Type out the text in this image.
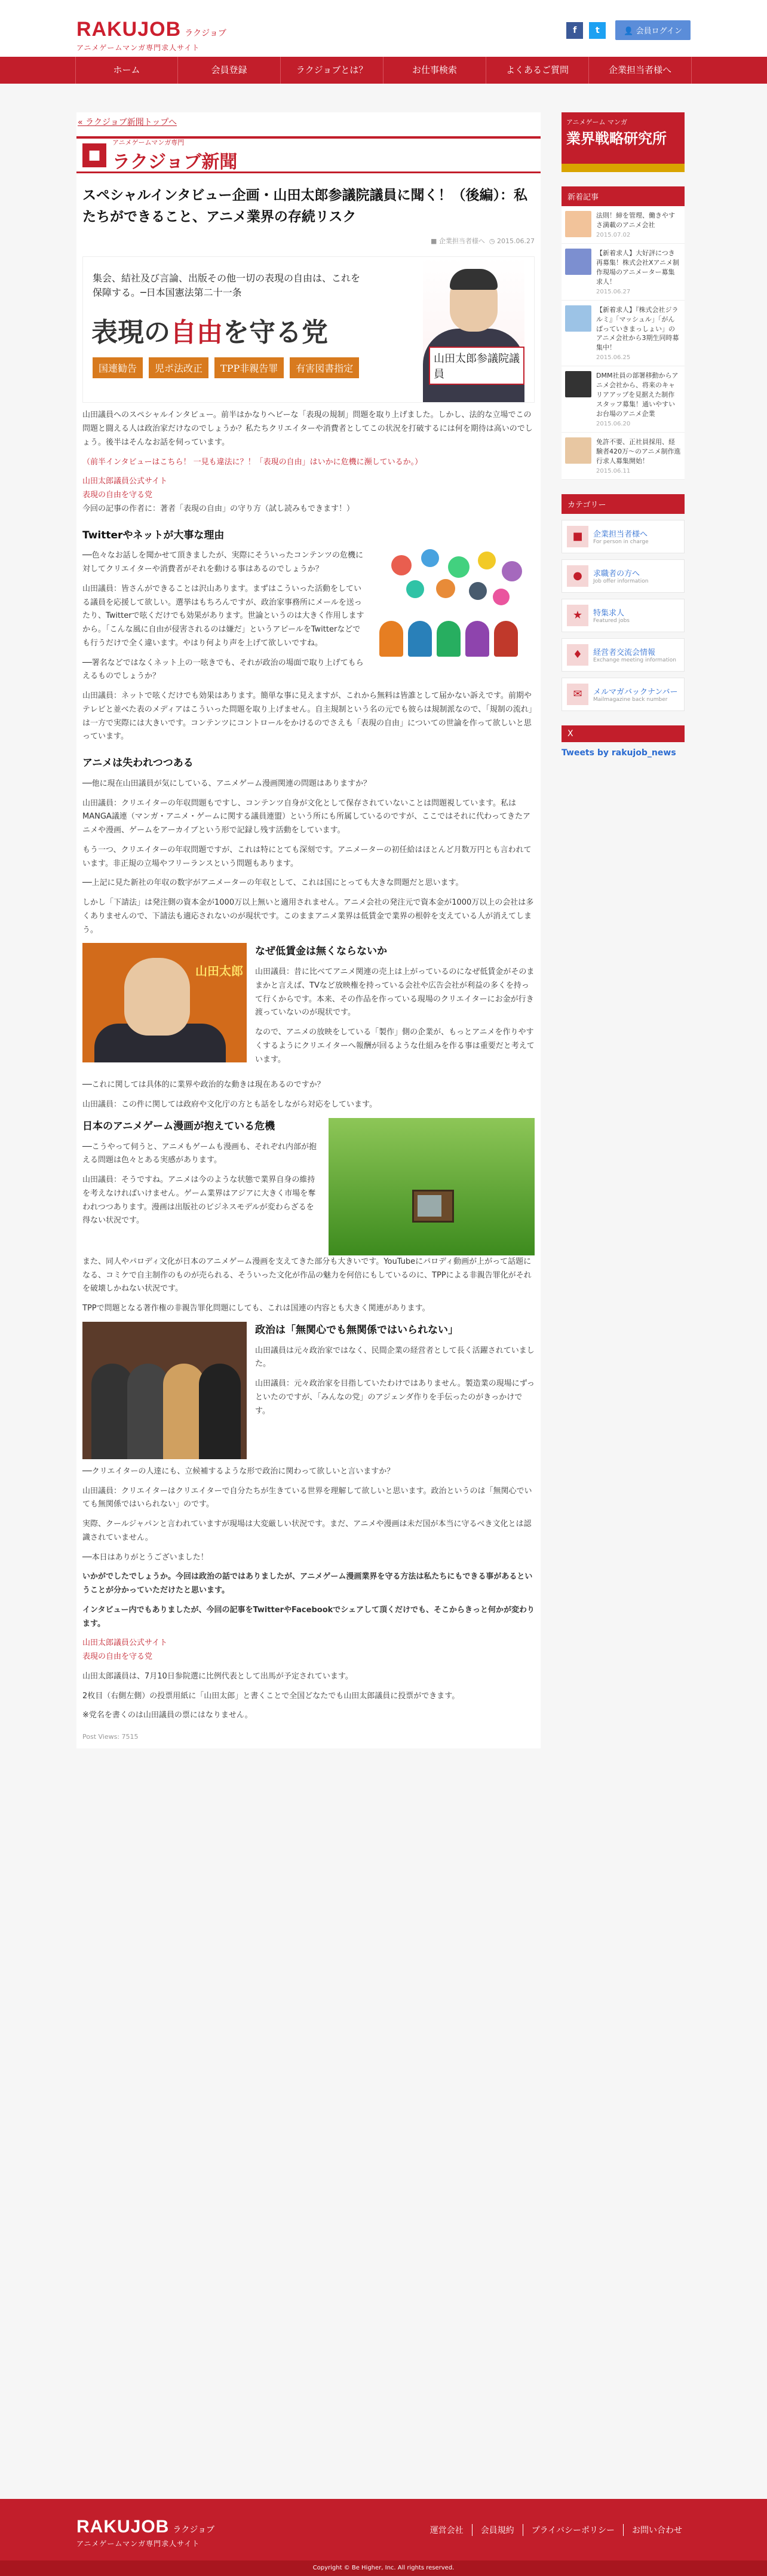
RAKUJOB ラクジョブ
アニメゲームマンガ専門求人サイト
f	t	👤 会員ログイン
ホーム	会員登録	ラクジョブとは？	お仕事検索	よくあるご質問	企業担当者様へ
« ラクジョブ新聞トップへ
■
アニメゲームマンガ専門
ラクジョブ新聞
スペシャルインタビュー企画・山田太郎参議院議員に聞く！（後編）：私たちができること、アニメ業界の存続リスク
■ 企業担当者様へ  ◷ 2015.06.27
集会、結社及び言論、出版その他一切の表現の自由は、これを保障する。─日本国憲法第二十一条
表現の自由を守る党
国連勧告	児ポ法改正	TPP非親告罪	有害図書指定
山田太郎参議院議員

山田議員へのスペシャルインタビュー。前半はかなりヘビーな「表現の規制」問題を取り上げました。しかし、法的な立場でこの問題と闘える人は政治家だけなのでしょうか？私たちクリエイターや消費者としてこの状況を打破するには何を期待は高いのでしょう。後半はそんなお話を伺っています。

（前半インタビューはこちら！ 一見も違法に？！「表現の自由」はいかに危機に瀕しているか。）

山田太郎議員公式サイト
表現の自由を守る党

今回の記事の作者に：著者「表現の自由」の守り方（試し読みもできます！）

Twitterやネットが大事な理由

──色々なお話しを聞かせて頂きましたが、実際にそういったコンテンツの危機に対してクリエイターや消費者がそれを動ける事はあるのでしょうか？

山田議員：皆さんができることは沢山あります。まずはこういった活動をしている議員を応援して欲しい。選挙はもちろんですが、政治家事務所にメールを送ったり、Twitterで呟くだけでも効果があります。世論というのは大きく作用しますから。「こんな風に自由が侵害されるのは嫌だ」というアピールをTwitterなどでも行うだけで全く違います。やはり何より声を上げて欲しいですね。

──署名などではなくネット上の一呟きでも、それが政治の場面で取り上げてもらえるものでしょうか？

山田議員：ネットで呟くだけでも効果はあります。簡単な事に見えますが、これから無料は皆誰として届かない訴えです。前期やテレビと並べた表のメディアはこういった問題を取り上げません。自主規制という名の元でも彼らは規制派なので、「規制の流れ」は一方で実際には大きいです。コンテンツにコントロールをかけるのでさえも「表現の自由」についての世論を作って欲しいと思っています。

アニメは失われつつある

──他に現在山田議員が気にしている、アニメゲーム漫画関連の問題はありますか？

山田議員：クリエイターの年収問題もですし、コンテンツ自身が文化として保存されていないことは問題視しています。私はMANGA議連（マンガ・アニメ・ゲームに関する議員連盟）という所にも所属しているのですが、ここではそれに代わってきたアニメや漫画、ゲームをアーカイブという形で記録し残す活動をしています。

もう一つ、クリエイターの年収問題ですが、これは特にとても深刻です。アニメーターの初任給はほとんど月数万円とも言われています。非正規の立場やフリーランスという問題もあります。

──上記に見た新社の年収の数字がアニメーターの年収として、これは国にとっても大きな問題だと思います。

しかし「下請法」は発注側の資本金が1000万以上無いと適用されません。アニメ会社の発注元で資本金が1000万以上の会社は多くありませんので、下請法も適応されないのが現状です。このままアニメ業界は低賃金で業界の根幹を支えている人が消えてしまう。

山田太郎
なぜ低賃金は無くならないか

山田議員：昔に比べてアニメ関連の売上は上がっているのになぜ低賃金がそのままかと言えば、TVなど放映権を持っている会社や広告会社が利益の多くを持って行くからです。本来、その作品を作っている現場のクリエイターにお金が行き渡っていないのが現状です。

なので、アニメの放映をしている「製作」側の企業が、もっとアニメを作りやすくするようにクリエイターへ報酬が回るような仕組みを作る事は重要だと考えています。

──これに関しては具体的に業界や政治的な動きは現在あるのですか？

山田議員：この件に関しては政府や文化庁の方とも話をしながら対応をしています。

日本のアニメゲーム漫画が抱えている危機

──こうやって伺うと、アニメもゲームも漫画も、それぞれ内部が抱える問題は色々とある実感があります。

山田議員：そうですね。アニメは今のような状態で業界自身の維持を考えなければいけません。ゲーム業界はアジアに大きく市場を奪われつつあります。漫画は出版社のビジネスモデルが変わらざるを得ない状況です。

また、同人やパロディ文化が日本のアニメゲーム漫画を支えてきた部分も大きいです。YouTubeにパロディ動画が上がって話題になる、コミケで自主制作のものが売られる、そういった文化が作品の魅力を何倍にもしているのに、TPPによる非親告罪化がそれを破壊しかねない状況です。

TPPで問題となる著作権の非親告罪化問題にしても、これは国連の内容とも大きく関連があります。

政治は「無関心でも無関係ではいられない」

山田議員は元々政治家ではなく、民間企業の経営者として長く活躍されていました。

山田議員：元々政治家を目指していたわけではありません。製造業の現場にずっといたのですが、「みんなの党」のアジェンダ作りを手伝ったのがきっかけです。

──クリエイターの人達にも、立候補するような形で政治に関わって欲しいと言いますか？

山田議員：クリエイターはクリエイターで自分たちが生きている世界を理解して欲しいと思います。政治というのは「無関心でいても無関係ではいられない」のです。

実際、クールジャパンと言われていますが現場は大変厳しい状況です。まだ、アニメや漫画は未だ国が本当に守るべき文化とは認識されていません。

──本日はありがとうございました！

いかがでしたでしょうか。今回は政治の話ではありましたが、アニメゲーム漫画業界を守る方法は私たちにもできる事があるということが分かっていただけたと思います。

インタビュー内でもありましたが、今回の記事をTwitterやFacebookでシェアして頂くだけでも、そこからきっと何かが変わります。

山田太郎議員公式サイト
表現の自由を守る党

山田太郎議員は、7月10日参院選に比例代表として出馬が予定されています。

2枚目（右側左側）の投票用紙に「山田太郎」と書くことで全国どなたでも山田太郎議員に投票ができます。

※党名を書くのは山田議員の票にはなりません。

Post Views: 7515
アニメゲーム マンガ
業界戦略研究所
新着記事
法則！締を管理、働きやすさ満載のアニメ会社
2015.07.02
【新着求人】大好評につき再募集！株式会社Xアニメ制作現場のアニメーター募集求人！
2015.06.27
【新着求人】『株式会社ジラルミ』「マッシュル」「がんばっていきまっしょい」のアニメ会社から3期生同時募集中！
2015.06.25
DMM社員の部署移動からアニメ会社から、将来のキャリアアップを見据えた制作スタッフ募集！通いやすいお台場のアニメ企業
2015.06.20
免許不要、正社員採用、経験者420万〜のアニメ制作進行求人募集開始！
2015.06.11
カテゴリー
■	企業担当者様へ
For person in charge
●	求職者の方へ
Job offer information
★	特集求人
Featured jobs
♦	経営者交流会情報
Exchange meeting information
✉	メルマガバックナンバー
Mailmagazine back number
X
Tweets by rakujob_news
RAKUJOB ラクジョブ
アニメゲームマンガ専門求人サイト
運営会社	会員規約	プライバシーポリシー	お問い合わせ
Copyright © Be Higher, Inc. All rights reserved.
